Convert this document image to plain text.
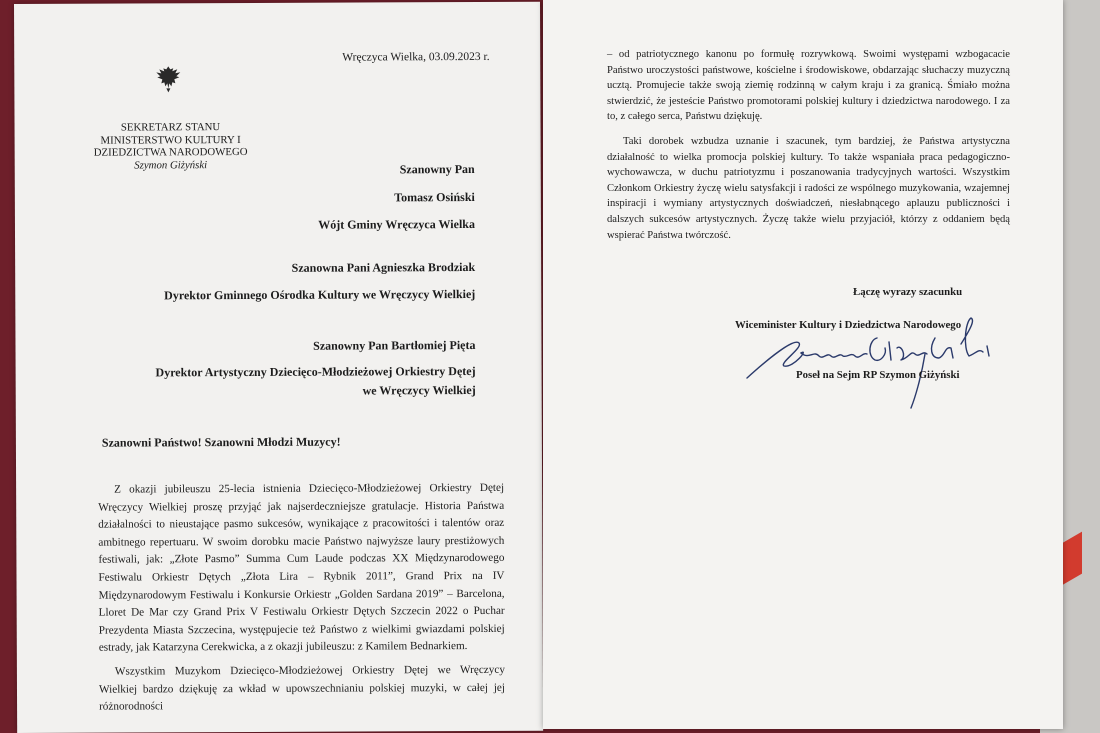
Wręczyca Wielka, 03.09.2023 r.
SEKRETARZ STANU
MINISTERSTWO KULTURY I
DZIEDZICTWA NARODOWEGO
Szymon Giżyński	Szanowny Pan
Tomasz Osiński
Wójt Gminy Wręczyca Wielka
Szanowna Pani Agnieszka Brodziak
Dyrektor Gminnego Ośrodka Kultury we Wręczycy Wielkiej
Szanowny Pan Bartłomiej Pięta
Dyrektor Artystyczny Dziecięco-Młodzieżowej Orkiestry Dętej
we Wręczycy Wielkiej
Szanowni Państwo! Szanowni Młodzi Muzycy!

Z okazji jubileuszu 25-lecia istnienia Dziecięco-Młodzieżowej Orkiestry Dętej Wręczycy Wielkiej proszę przyjąć jak najserdeczniejsze gratulacje. Historia Państwa działalności to nieustające pasmo sukcesów, wynikające z pracowitości i talentów oraz ambitnego repertuaru. W swoim dorobku macie Państwo najwyższe laury prestiżowych festiwali, jak: „Złote Pasmo” Summa Cum Laude podczas XX Międzynarodowego Festiwalu Orkiestr Dętych „Złota Lira – Rybnik 2011”, Grand Prix na IV Międzynarodowym Festiwalu i Konkursie Orkiestr „Golden Sardana 2019” – Barcelona, Lloret De Mar czy Grand Prix V Festiwalu Orkiestr Dętych Szczecin 2022 o Puchar Prezydenta Miasta Szczecina, występujecie też Państwo z wielkimi gwiazdami polskiej estrady, jak Katarzyna Cerekwicka, a z okazji jubileuszu: z Kamilem Bednarkiem.

Wszystkim Muzykom Dziecięco-Młodzieżowej Orkiestry Dętej we Wręczycy Wielkiej bardzo dziękuję za wkład w upowszechnianiu polskiej muzyki, w całej jej różnorodności

– od patriotycznego kanonu po formułę rozrywkową. Swoimi występami wzbogacacie Państwo uroczystości państwowe, kościelne i środowiskowe, obdarzając słuchaczy muzyczną ucztą. Promujecie także swoją ziemię rodzinną w całym kraju i za granicą. Śmiało można stwierdzić, że jesteście Państwo promotorami polskiej kultury i dziedzictwa narodowego. I za to, z całego serca, Państwu dziękuję.

Taki dorobek wzbudza uznanie i szacunek, tym bardziej, że Państwa artystyczna działalność to wielka promocja polskiej kultury. To także wspaniała praca pedagogiczno-wychowawcza, w duchu patriotyzmu i poszanowania tradycyjnych wartości. Wszystkim Członkom Orkiestry życzę wielu satysfakcji i radości ze wspólnego muzykowania, wzajemnej inspiracji i wymiany artystycznych doświadczeń, niesłabnącego aplauzu publiczności i dalszych sukcesów artystycznych. Życzę także wielu przyjaciół, którzy z oddaniem będą wspierać Państwa twórczość.

Łączę wyrazy szacunku
Wiceminister Kultury i Dziedzictwa Narodowego
Poseł na Sejm RP Szymon Giżyński
